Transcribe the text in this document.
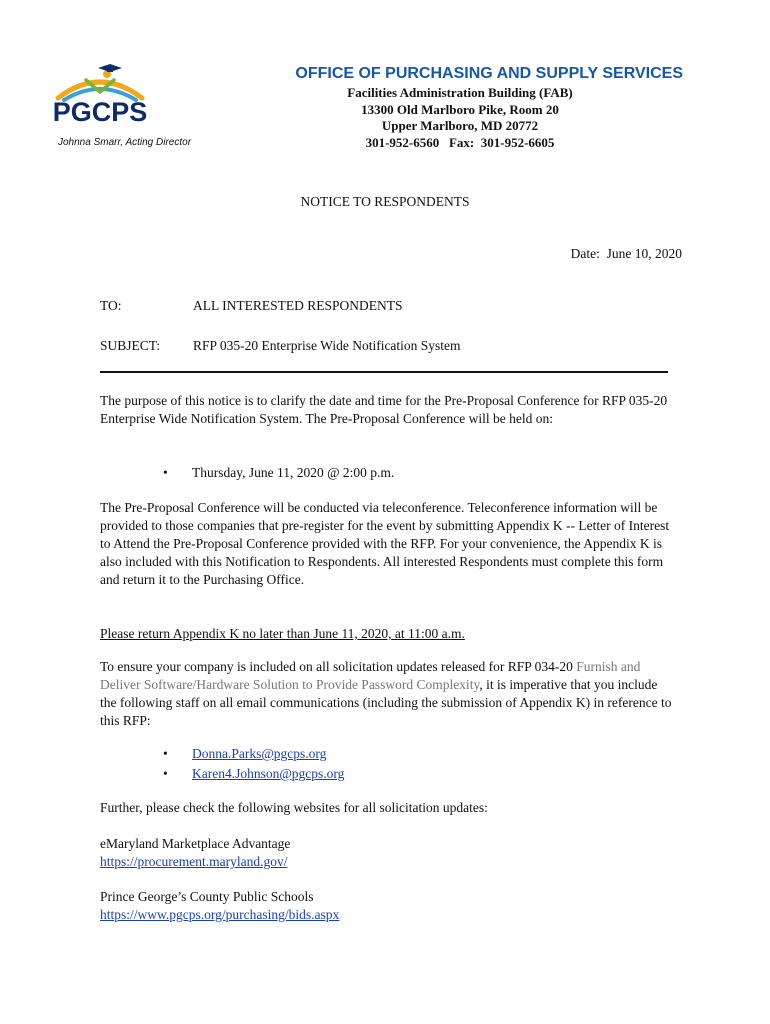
PGCPS
Johnna Smarr, Acting Director
OFFICE OF PURCHASING AND SUPPLY SERVICES
Facilities Administration Building (FAB)
13300 Old Marlboro Pike, Room 20
Upper Marlboro, MD 20772
301-952-6560   Fax:  301-952-6605
NOTICE TO RESPONDENTS
Date:  June 10, 2020
TO:	ALL INTERESTED RESPONDENTS
SUBJECT: RFP 035-20 Enterprise Wide Notification System
The purpose of this notice is to clarify the date and time for the Pre-Proposal Conference for RFP 035-20 Enterprise Wide Notification System. The Pre-Proposal Conference will be held on:
• Thursday, June 11, 2020 @ 2:00 p.m.
The Pre-Proposal Conference will be conducted via teleconference. Teleconference information will be provided to those companies that pre-register for the event by submitting Appendix K -- Letter of Interest to Attend the Pre-Proposal Conference provided with the RFP. For your convenience, the Appendix K is also included with this Notification to Respondents. All interested Respondents must complete this form and return it to the Purchasing Office.
Please return Appendix K no later than June 11, 2020, at 11:00 a.m.
To ensure your company is included on all solicitation updates released for RFP 034-20 Furnish and Deliver Software/Hardware Solution to Provide Password Complexity, it is imperative that you include the following staff on all email communications (including the submission of Appendix K) in reference to this RFP:
• Donna.Parks@pgcps.org
• Karen4.Johnson@pgcps.org
Further, please check the following websites for all solicitation updates:
eMaryland Marketplace Advantage
https://procurement.maryland.gov/
Prince George’s County Public Schools
https://www.pgcps.org/purchasing/bids.aspx
